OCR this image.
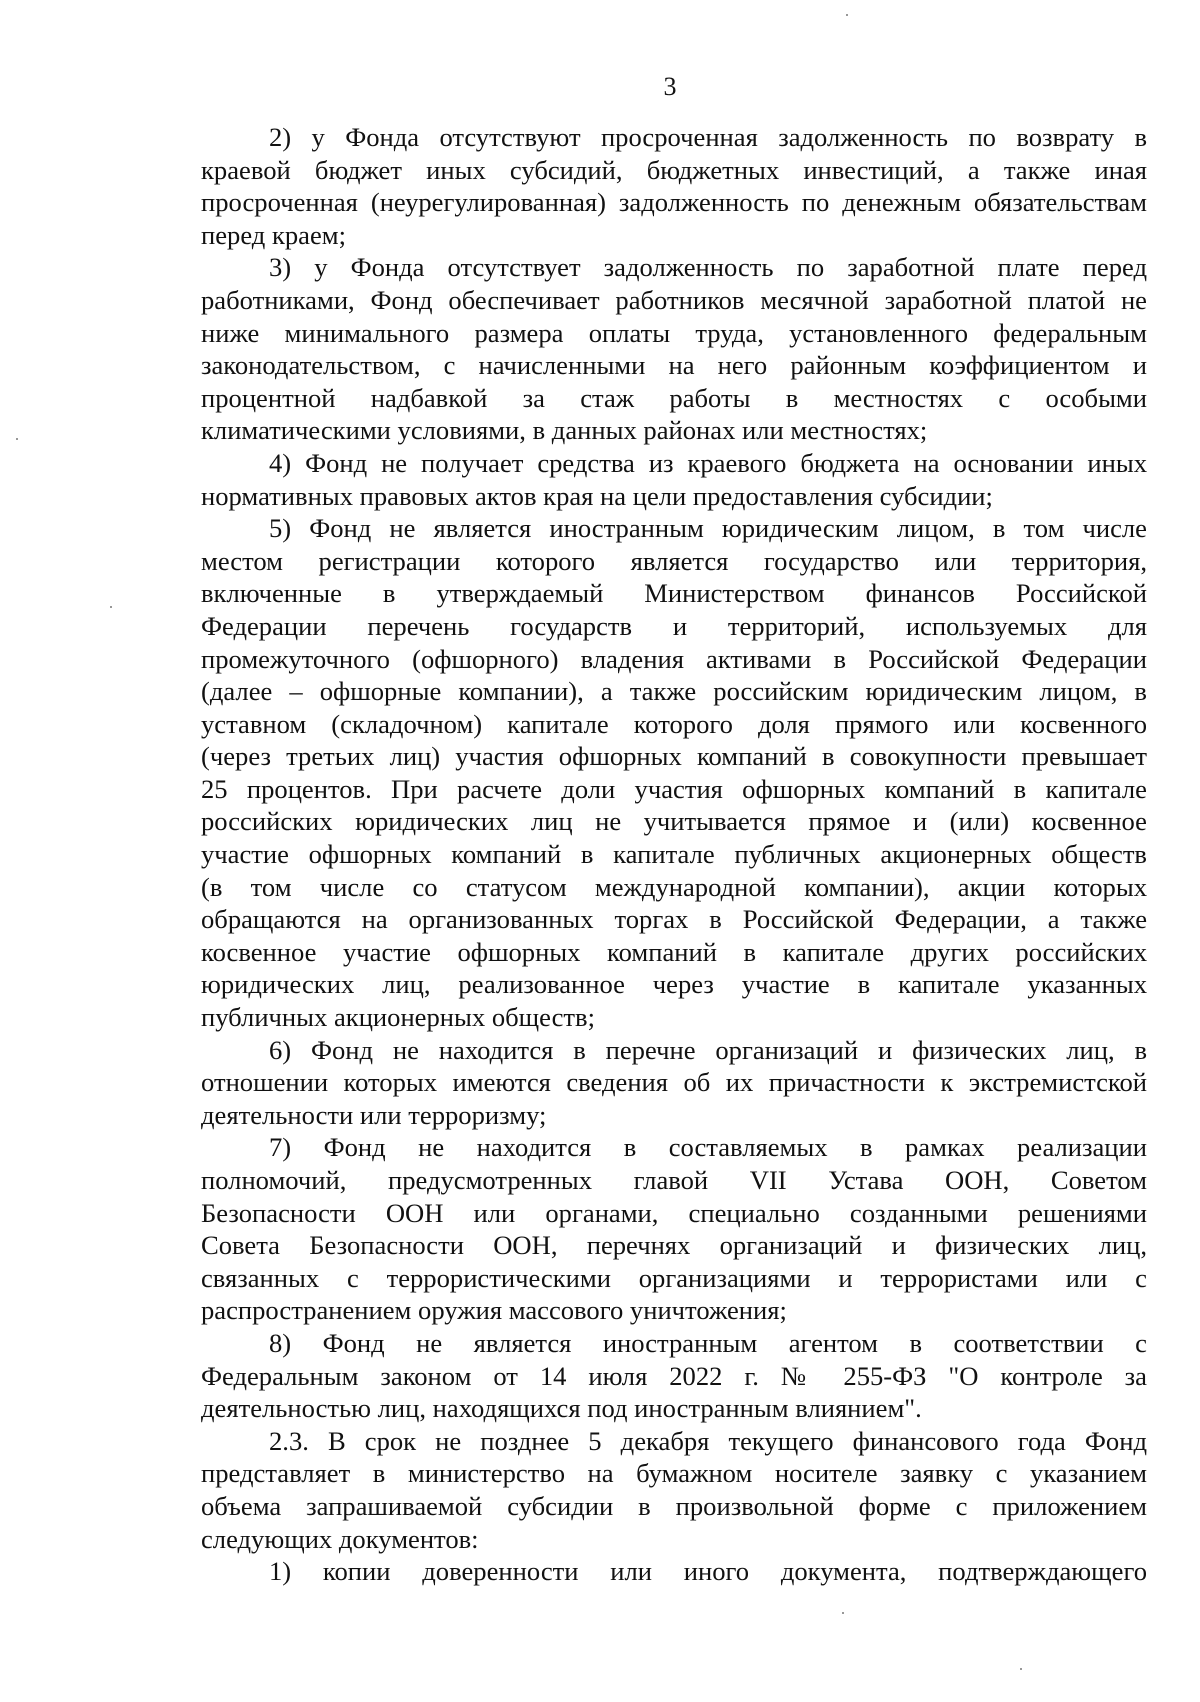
3
2) у Фонда отсутствуют просроченная задолженность по возврату в
краевой бюджет иных субсидий, бюджетных инвестиций, а также иная
просроченная (неурегулированная) задолженность по денежным обязательствам
перед краем;
3) у Фонда отсутствует задолженность по заработной плате перед
работниками, Фонд обеспечивает работников месячной заработной платой не
ниже минимального размера оплаты труда, установленного федеральным
законодательством, с начисленными на него районным коэффициентом и
процентной надбавкой за стаж работы в местностях с особыми
климатическими условиями, в данных районах или местностях;
4) Фонд не получает средства из краевого бюджета на основании иных
нормативных правовых актов края на цели предоставления субсидии;
5) Фонд не является иностранным юридическим лицом, в том числе
местом регистрации которого является государство или территория,
включенные в утверждаемый Министерством финансов Российской
Федерации перечень государств и территорий, используемых для
промежуточного (офшорного) владения активами в Российской Федерации
(далее – офшорные компании), а также российским юридическим лицом, в
уставном (складочном) капитале которого доля прямого или косвенного
(через третьих лиц) участия офшорных компаний в совокупности превышает
25 процентов. При расчете доли участия офшорных компаний в капитале
российских юридических лиц не учитывается прямое и (или) косвенное
участие офшорных компаний в капитале публичных акционерных обществ
(в том числе со статусом международной компании), акции которых
обращаются на организованных торгах в Российской Федерации, а также
косвенное участие офшорных компаний в капитале других российских
юридических лиц, реализованное через участие в капитале указанных
публичных акционерных обществ;
6) Фонд не находится в перечне организаций и физических лиц, в
отношении которых имеются сведения об их причастности к экстремистской
деятельности или терроризму;
7) Фонд не находится в составляемых в рамках реализации
полномочий, предусмотренных главой VII Устава ООН, Советом
Безопасности ООН или органами, специально созданными решениями
Совета Безопасности ООН, перечнях организаций и физических лиц,
связанных с террористическими организациями и террористами или с
распространением оружия массового уничтожения;
8) Фонд не является иностранным агентом в соответствии с
Федеральным законом от 14 июля 2022 г. № 255-ФЗ "О контроле за
деятельностью лиц, находящихся под иностранным влиянием".
2.3. В срок не позднее 5 декабря текущего финансового года Фонд
представляет в министерство на бумажном носителе заявку с указанием
объема запрашиваемой субсидии в произвольной форме с приложением
следующих документов:
1) копии доверенности или иного документа, подтверждающего
